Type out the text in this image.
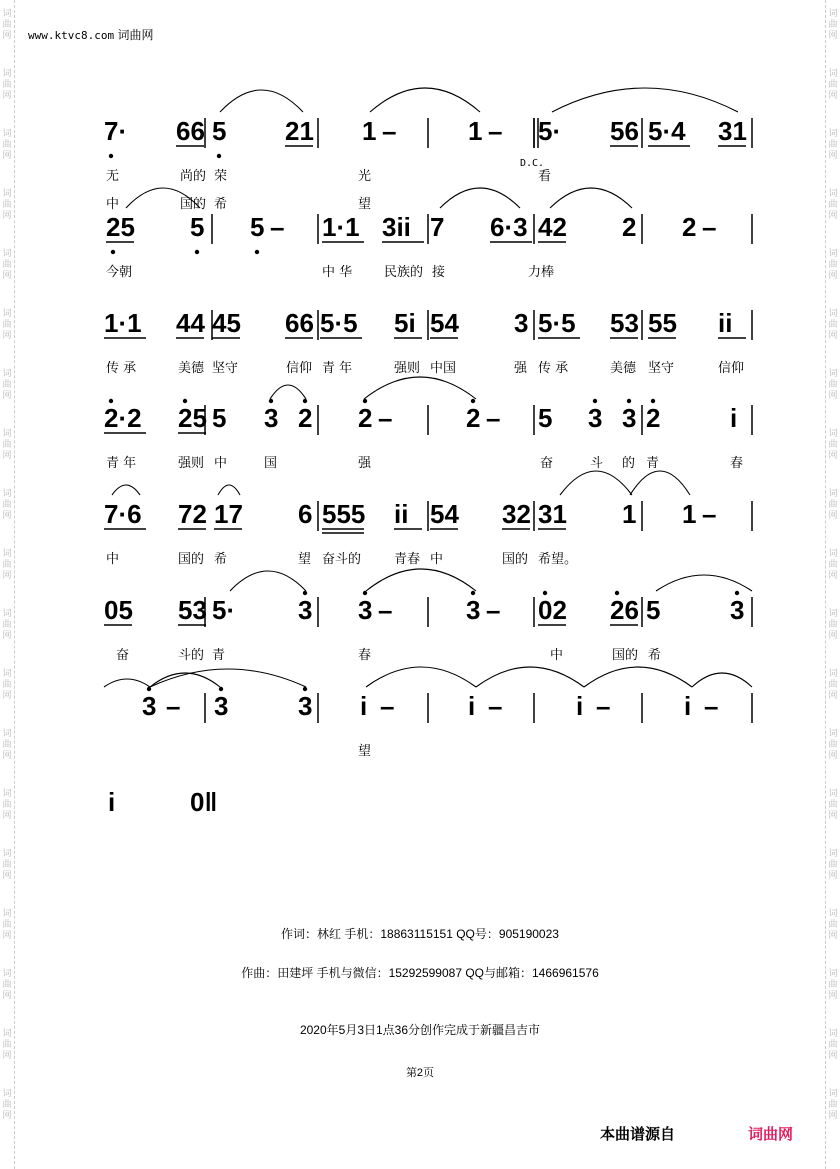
词
曲
网
词
曲
网
词
曲
网
词
曲
网
词
曲
网
词
曲
网
词
曲
网
词
曲
网
词
曲
网
词
曲
网
词
曲
网
词
曲
网
词
曲
网
词
曲
网
词
曲
网
词
曲
网
词
曲
网
词
曲
网
词
曲
网
词
曲
网
词
曲
网
词
曲
网
词
曲
网
词
曲
网
词
曲
网
词
曲
网
词
曲
网
词
曲
网
词
曲
网
词
曲
网
词
曲
网
词
曲
网
词
曲
网
词
曲
网
词
曲
网
词
曲
网
词
曲
网
词
曲
网
www.ktvc8.com 词曲网
7· 66 5 21 1 –	1 – 5· 56 5·4 31
无	尚的 荣	光	看
中	国的 希	望
25 5 5 – 1·1 3ii 7 6·3 42 2 2 –
今朝	中 华 民族的 接	力棒
1·1 44 45 66 5·5 5i 54 3 5·5 53 55 ii
传 承	美德 坚守	信仰 青 年	强则 中国	强 传 承	美德 坚守	信仰
2·2 25 5 3 2 2 –	2 – 5 3 3 2	i
青 年	强则 中	国	强	奋	斗 的 青	春
7·6 72 17 6 555 ii 54 32 31 1 1 –
中	国的 希	望 奋斗的	青春 中	国的 希望。
05 53 5· 3 3 –	3 – 02 26 5	3
奋	斗的 青	春	中	国的 希
3 – 3	3 i –	i –	i –	i –
望
i	0‖
D.C.
作词：林红 手机：18863115151 QQ号：905190023
作曲：田建坪 手机与微信：15292599087 QQ与邮箱：1466961576
2020年5月3日1点36分创作完成于新疆昌吉市
第2页
本曲谱源自	词曲网
